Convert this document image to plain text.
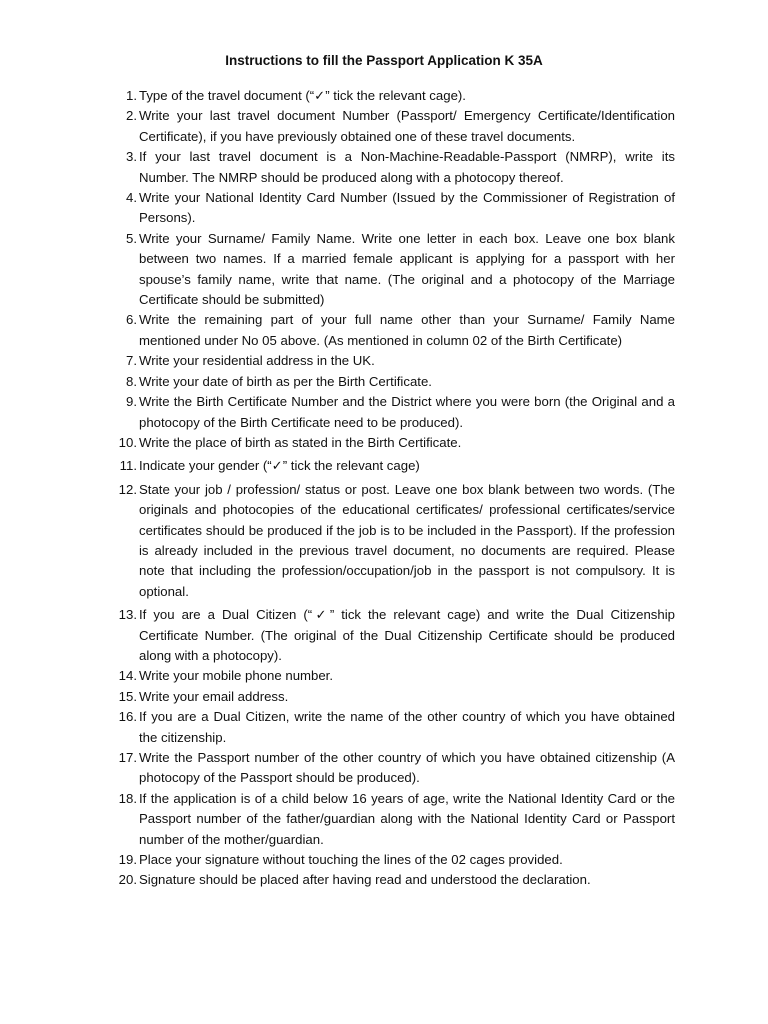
Instructions to fill the Passport Application K 35A
1. Type of the travel document (“✓” tick the relevant cage).
2. Write your last travel document Number (Passport/ Emergency Certificate/Identification Certificate), if you have previously obtained one of these travel documents.
3. If your last travel document is a Non-Machine-Readable-Passport (NMRP), write its Number. The NMRP should be produced along with a photocopy thereof.
4. Write your National Identity Card Number (Issued by the Commissioner of Registration of Persons).
5. Write your Surname/ Family Name. Write one letter in each box. Leave one box blank between two names. If a married female applicant is applying for a passport with her spouse’s family name, write that name. (The original and a photocopy of the Marriage Certificate should be submitted)
6. Write the remaining part of your full name other than your Surname/ Family Name mentioned under No 05 above. (As mentioned in column 02 of the Birth Certificate)
7. Write your residential address in the UK.
8. Write your date of birth as per the Birth Certificate.
9. Write the Birth Certificate Number and the District where you were born (the Original and a photocopy of the Birth Certificate need to be produced).
10. Write the place of birth as stated in the Birth Certificate.
11. Indicate your gender (“✓” tick the relevant cage)
12. State your job / profession/ status or post. Leave one box blank between two words. (The originals and photocopies of the educational certificates/ professional certificates/service certificates should be produced if the job is to be included in the Passport). If the profession is already included in the previous travel document, no documents are required. Please note that including the profession/occupation/job in the passport is not compulsory. It is optional.
13. If you are a Dual Citizen (“✓” tick the relevant cage) and write the Dual Citizenship Certificate Number. (The original of the Dual Citizenship Certificate should be produced along with a photocopy).
14. Write your mobile phone number.
15. Write your email address.
16. If you are a Dual Citizen, write the name of the other country of which you have obtained the citizenship.
17. Write the Passport number of the other country of which you have obtained citizenship (A photocopy of the Passport should be produced).
18. If the application is of a child below 16 years of age, write the National Identity Card or the Passport number of the father/guardian along with the National Identity Card or Passport number of the mother/guardian.
19. Place your signature without touching the lines of the 02 cages provided.
20. Signature should be placed after having read and understood the declaration.
